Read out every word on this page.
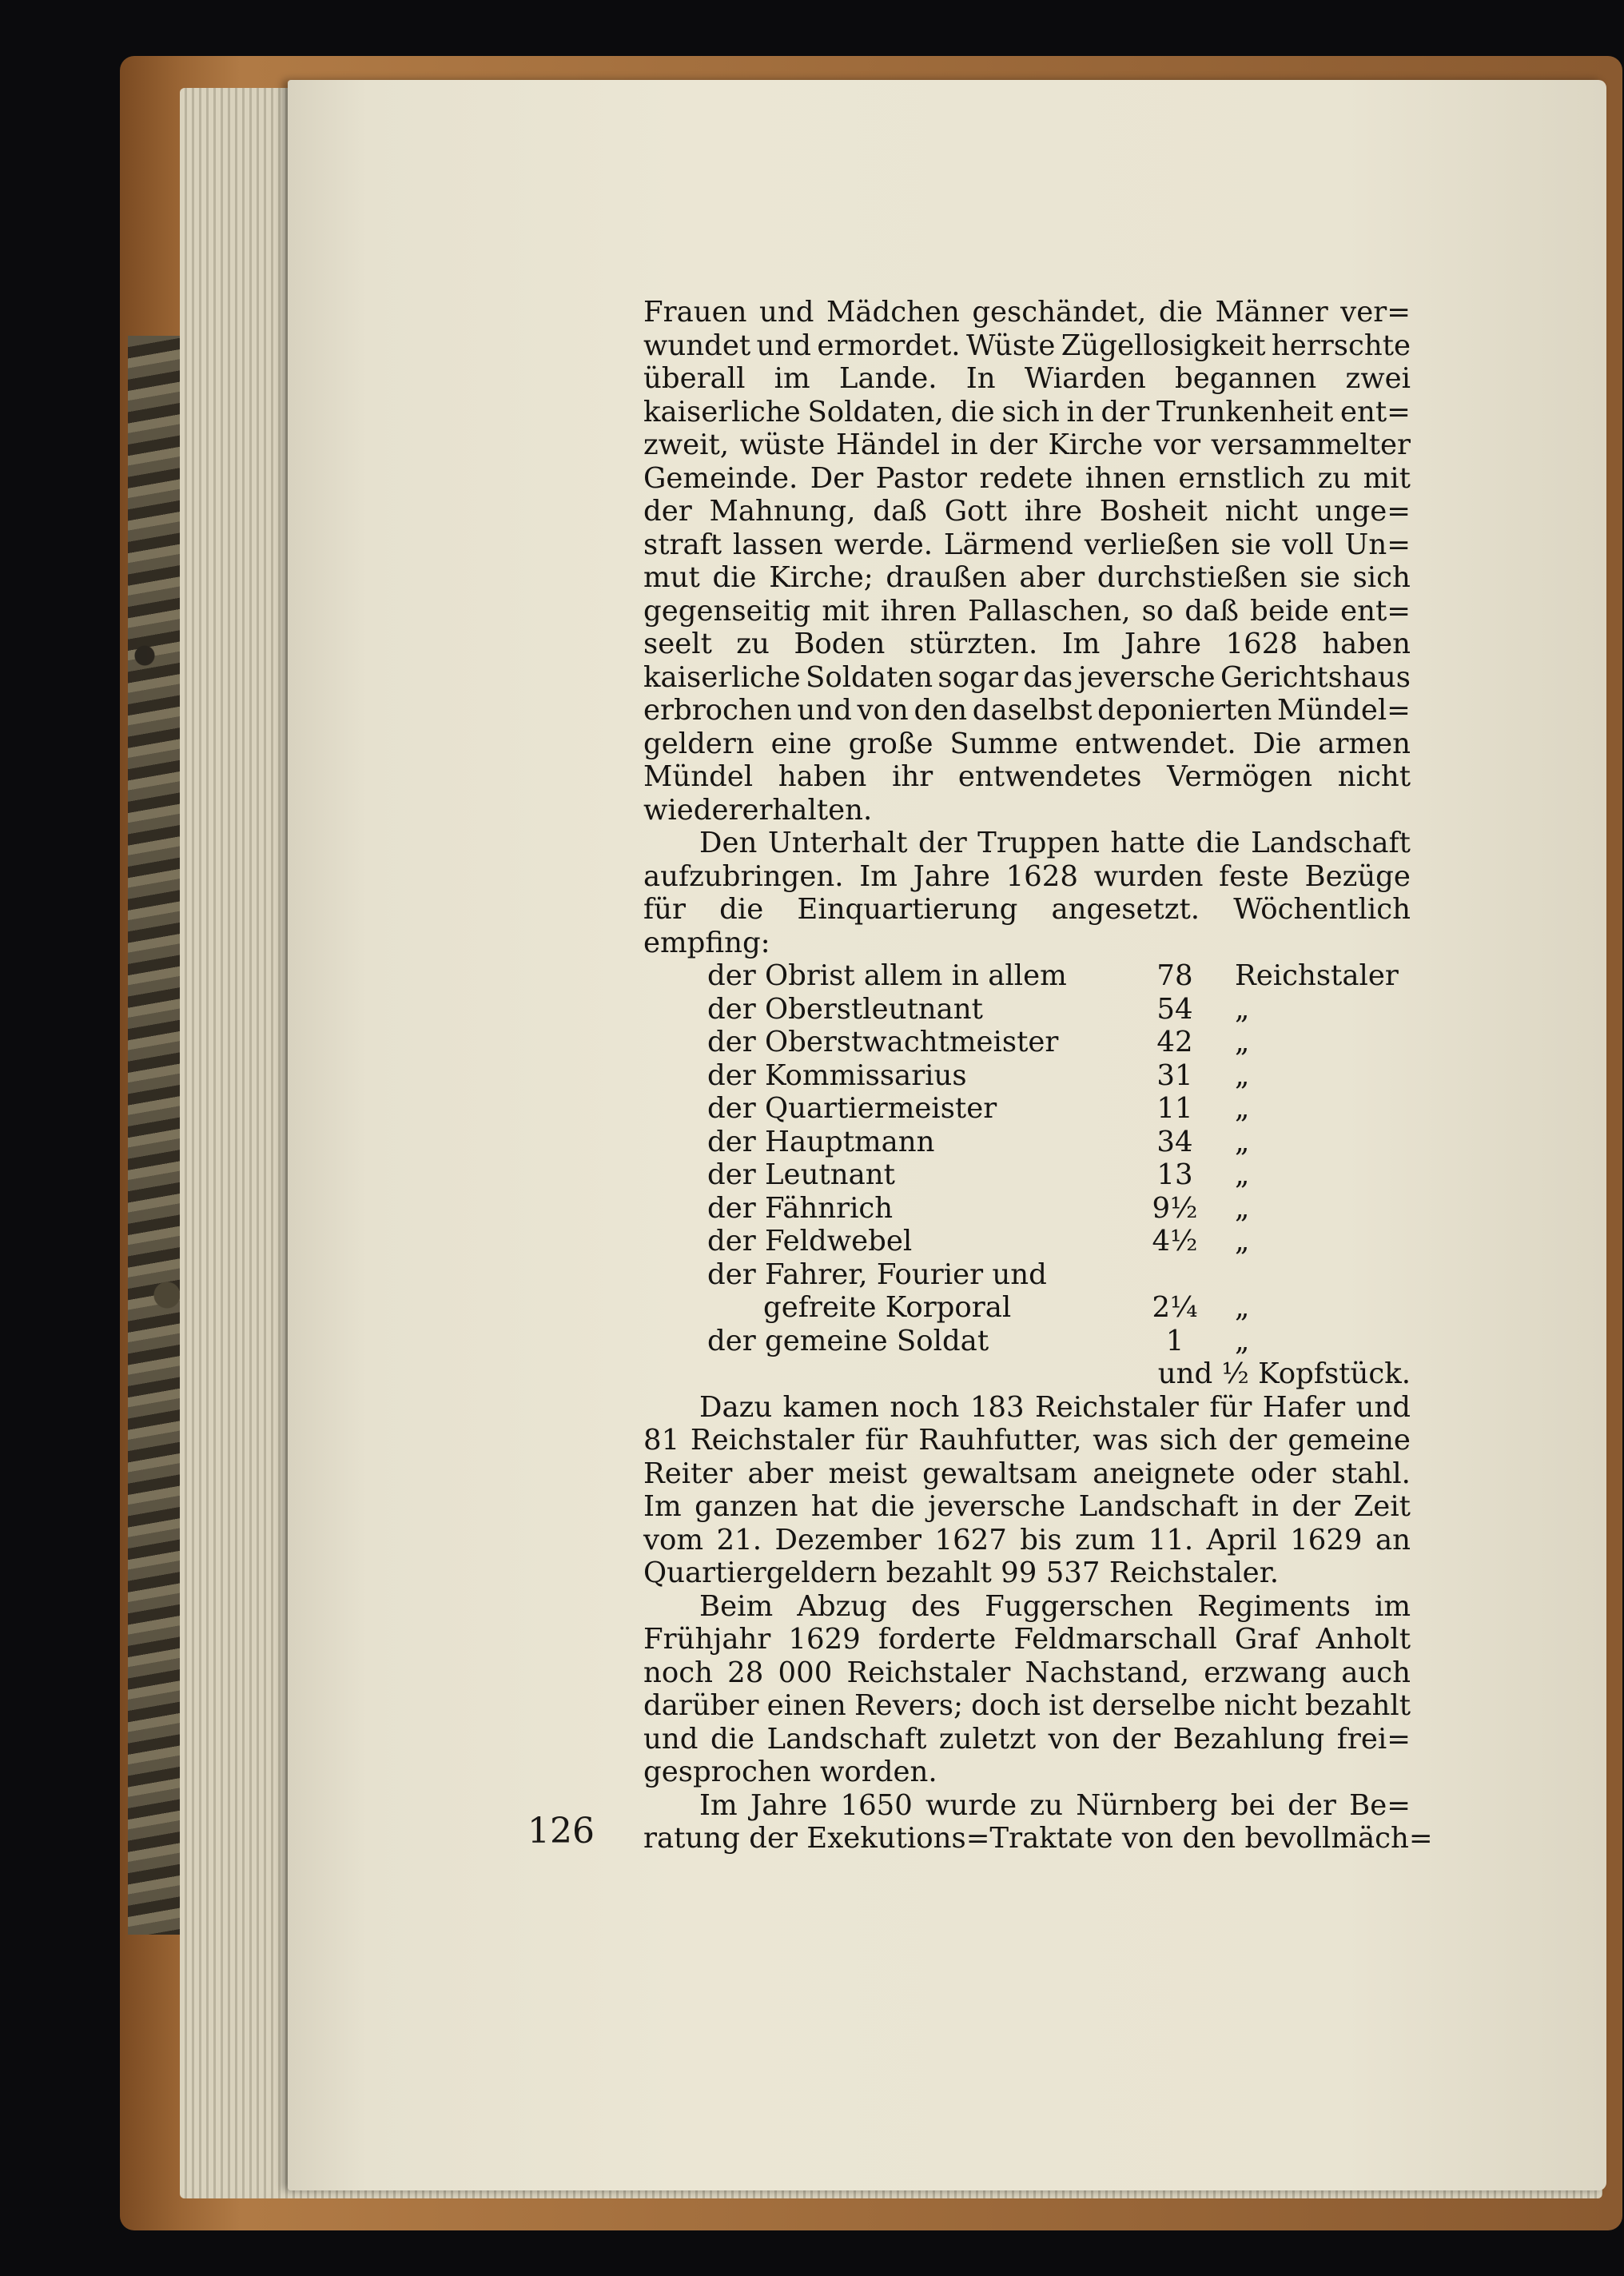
Frauen und Mädchen geschändet, die Männer ver=
wundet und ermordet. Wüste Zügellosigkeit herrschte
überall im Lande. In Wiarden begannen zwei
kaiserliche Soldaten, die sich in der Trunkenheit ent=
zweit, wüste Händel in der Kirche vor versammelter
Gemeinde. Der Pastor redete ihnen ernstlich zu mit
der Mahnung, daß Gott ihre Bosheit nicht unge=
straft lassen werde. Lärmend verließen sie voll Un=
mut die Kirche; draußen aber durchstießen sie sich
gegenseitig mit ihren Pallaschen, so daß beide ent=
seelt zu Boden stürzten. Im Jahre 1628 haben
kaiserliche Soldaten sogar das jeversche Gerichtshaus
erbrochen und von den daselbst deponierten Mündel=
geldern eine große Summe entwendet. Die armen
Mündel haben ihr entwendetes Vermögen nicht
wiedererhalten.
Den Unterhalt der Truppen hatte die Landschaft
aufzubringen. Im Jahre 1628 wurden feste Bezüge
für die Einquartierung angesetzt. Wöchentlich
empfing:
der Obrist allem in allem	78	Reichstaler
der Oberstleutnant	54	„
der Oberstwachtmeister	42	„
der Kommissarius	31	„
der Quartiermeister	11	„
der Hauptmann	34	„
der Leutnant	13	„
der Fähnrich	9½	„
der Feldwebel	4½	„
der Fahrer, Fourier und
gefreite Korporal	2¼	„
der gemeine Soldat	1	„
und ½ Kopfstück.
Dazu kamen noch 183 Reichstaler für Hafer und
81 Reichstaler für Rauhfutter, was sich der gemeine
Reiter aber meist gewaltsam aneignete oder stahl.
Im ganzen hat die jeversche Landschaft in der Zeit
vom 21. Dezember 1627 bis zum 11. April 1629 an
Quartiergeldern bezahlt 99 537 Reichstaler.
Beim Abzug des Fuggerschen Regiments im
Frühjahr 1629 forderte Feldmarschall Graf Anholt
noch 28 000 Reichstaler Nachstand, erzwang auch
darüber einen Revers; doch ist derselbe nicht bezahlt
und die Landschaft zuletzt von der Bezahlung frei=
gesprochen worden.
Im Jahre 1650 wurde zu Nürnberg bei der Be=
ratung der Exekutions=Traktate von den bevollmäch=
126
